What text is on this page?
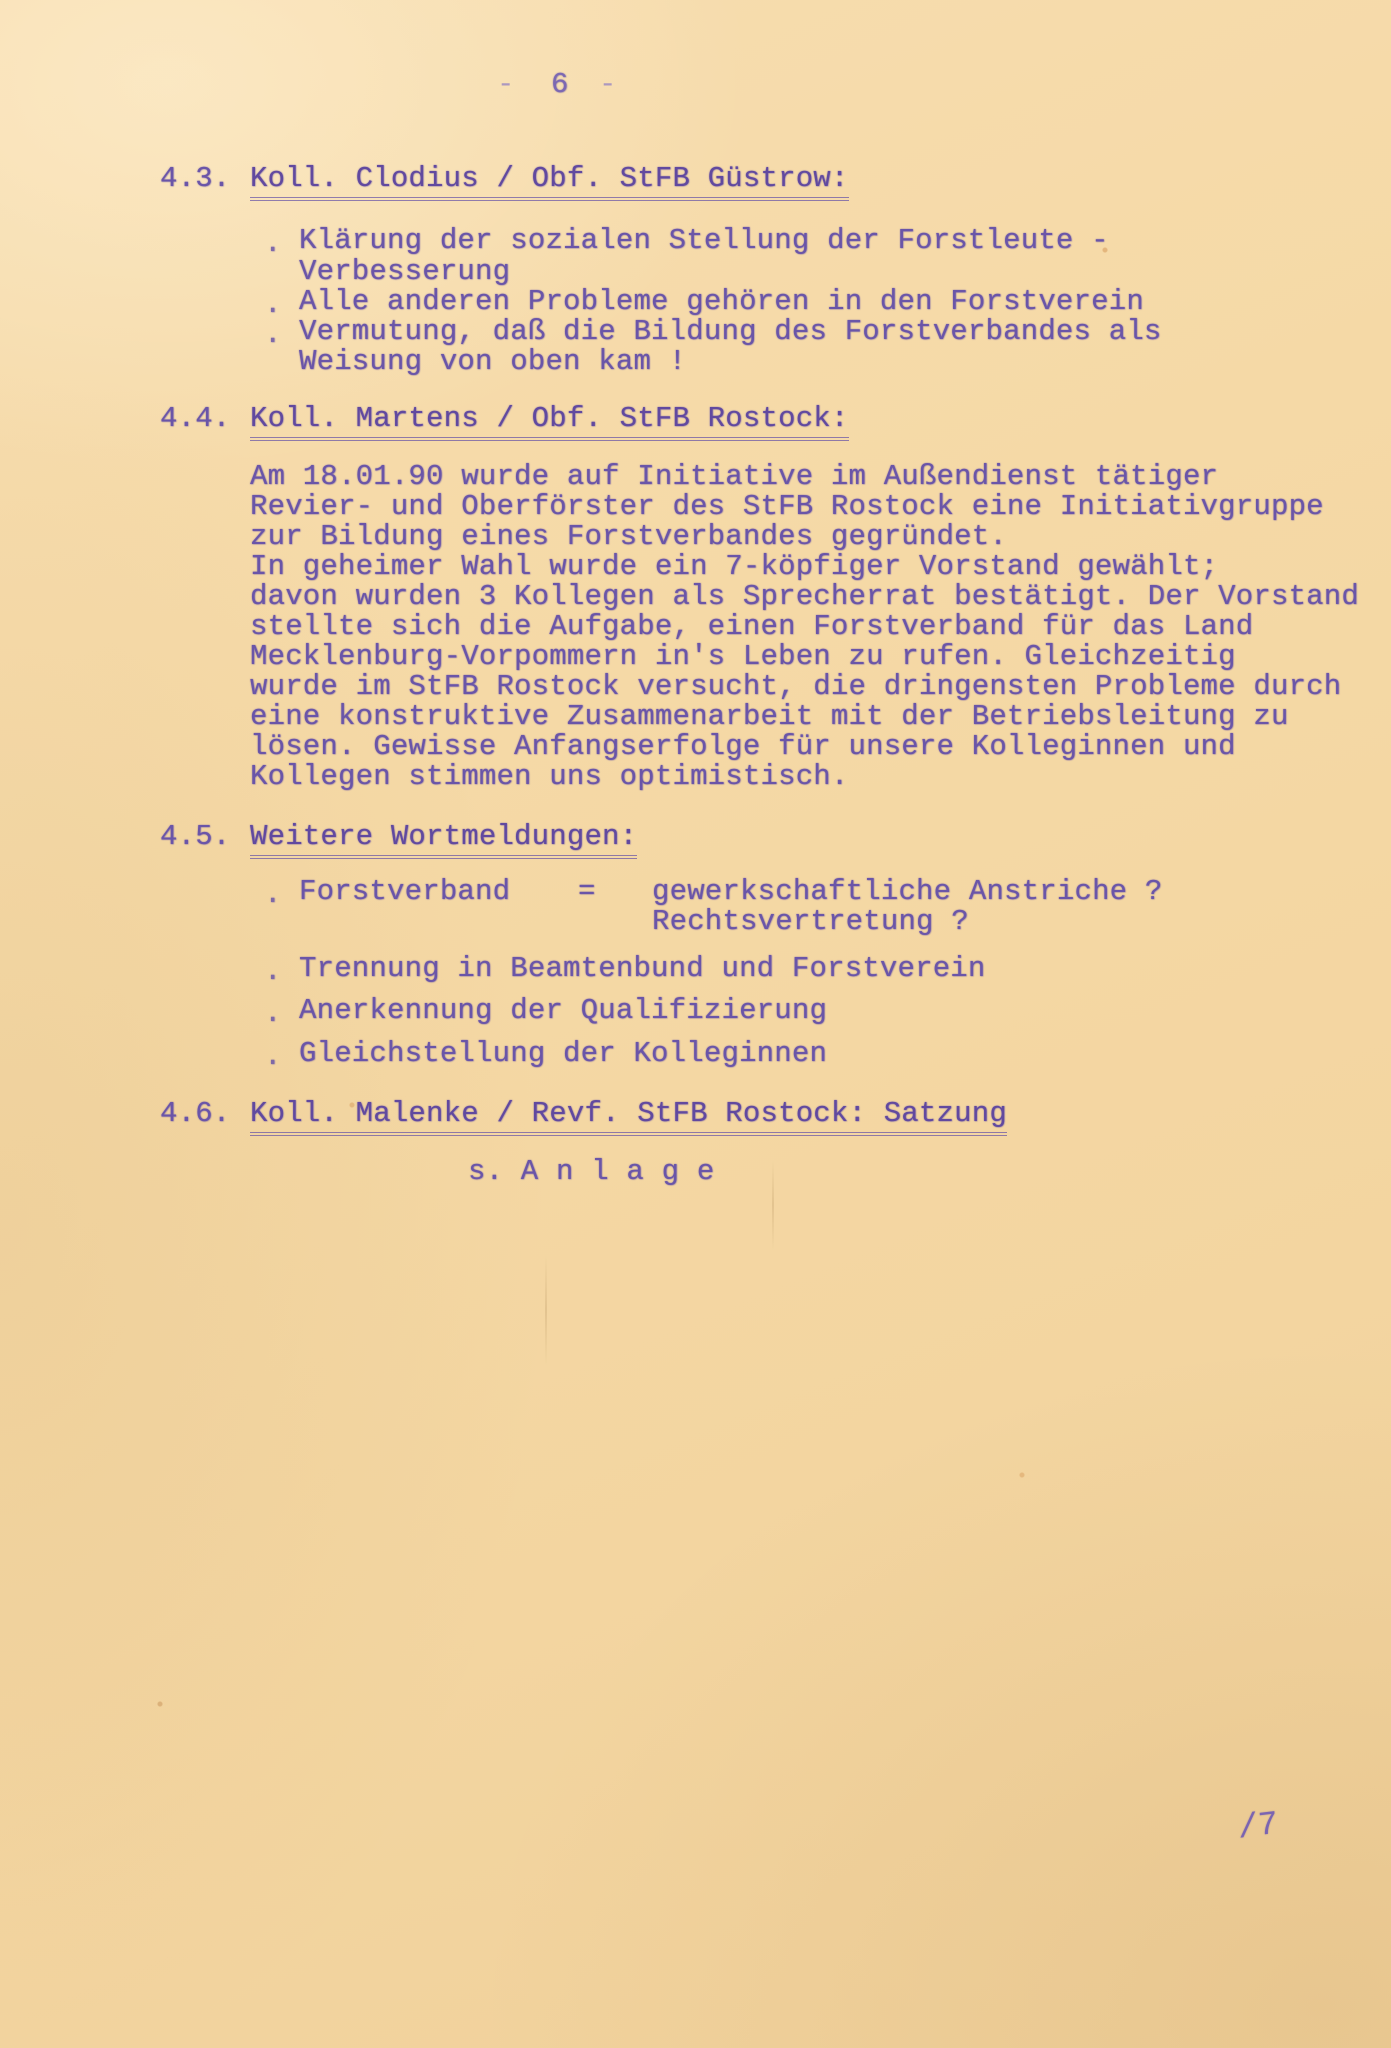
- 6 -
4.3. Koll. Clodius / Obf. StFB Güstrow:
. Klärung der sozialen Stellung der Forstleute -
Verbesserung
. Alle anderen Probleme gehören in den Forstverein
. Vermutung, daß die Bildung des Forstverbandes als
Weisung von oben kam !
4.4. Koll. Martens / Obf. StFB Rostock:
Am 18.01.90 wurde auf Initiative im Außendienst tätiger
Revier- und Oberförster des StFB Rostock eine Initiativgruppe
zur Bildung eines Forstverbandes gegründet.
In geheimer Wahl wurde ein 7-köpfiger Vorstand gewählt;
davon wurden 3 Kollegen als Sprecherrat bestätigt. Der Vorstand
stellte sich die Aufgabe, einen Forstverband für das Land
Mecklenburg-Vorpommern in's Leben zu rufen. Gleichzeitig
wurde im StFB Rostock versucht, die dringensten Probleme durch
eine konstruktive Zusammenarbeit mit der Betriebsleitung zu
lösen. Gewisse Anfangserfolge für unsere Kolleginnen und
Kollegen stimmen uns optimistisch.
4.5. Weitere Wortmeldungen:
. Forstverband = gewerkschaftliche Anstriche ?
Rechtsvertretung ?
. Trennung in Beamtenbund und Forstverein
. Anerkennung der Qualifizierung
. Gleichstellung der Kolleginnen
4.6. Koll. Malenke / Revf. StFB Rostock: Satzung
s. A n l a g e
/7
